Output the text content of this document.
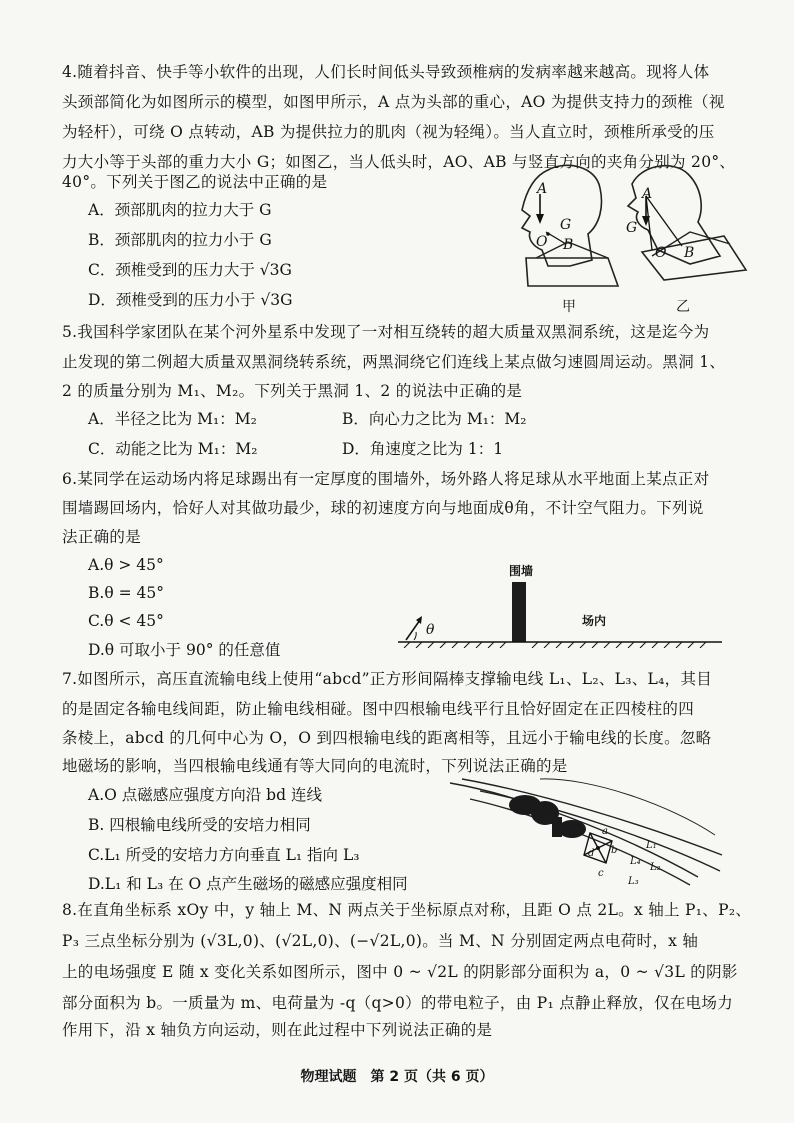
4.随着抖音、快手等小软件的出现，人们长时间低头导致颈椎病的发病率越来越高。现将人体
头颈部简化为如图所示的模型，如图甲所示，A 点为头部的重心，AO 为提供支持力的颈椎（视
为轻杆），可绕 O 点转动，AB 为提供拉力的肌肉（视为轻绳）。当人直立时，颈椎所承受的压
力大小等于头部的重力大小 G；如图乙，当人低头时，AO、AB 与竖直方向的夹角分别为 20°、
40°。下列关于图乙的说法中正确的是
A．颈部肌肉的拉力大于 G
B．颈部肌肉的拉力小于 G
C．颈椎受到的压力大于 √3G
D．颈椎受到的压力小于 √3G
A
G
O B
甲
A
G
O B
乙
5.我国科学家团队在某个河外星系中发现了一对相互绕转的超大质量双黑洞系统，这是迄今为
止发现的第二例超大质量双黑洞绕转系统，两黑洞绕它们连线上某点做匀速圆周运动。黑洞 1、
2 的质量分别为 M₁、M₂。下列关于黑洞 1、2 的说法中正确的是
A．半径之比为 M₁：M₂	B．向心力之比为 M₁：M₂
C．动能之比为 M₁：M₂	D．角速度之比为 1：1
6.某同学在运动场内将足球踢出有一定厚度的围墙外，场外路人将足球从水平地面上某点正对
围墙踢回场内，恰好人对其做功最少，球的初速度方向与地面成θ角，不计空气阻力。下列说
法正确的是
A.θ > 45°
B.θ = 45°
C.θ < 45°
D.θ 可取小于 90° 的任意值
围墙
场内
θ
7.如图所示，高压直流输电线上使用“abcd”正方形间隔棒支撑输电线 L₁、L₂、L₃、L₄，其目
的是固定各输电线间距，防止输电线相碰。图中四根输电线平行且恰好固定在正四棱柱的四
条棱上，abcd 的几何中心为 O，O 到四根输电线的距离相等，且远小于输电线的长度。忽略
地磁场的影响，当四根输电线通有等大同向的电流时，下列说法正确的是
A.O 点磁感应强度方向沿 bd 连线
B. 四根输电线所受的安培力相同
C.L₁ 所受的安培力方向垂直 L₁ 指向 L₃
D.L₁ 和 L₃ 在 O 点产生磁场的磁感应强度相同
a
b
c
d
L₁
L₂
L₃
L₄
8.在直角坐标系 xOy 中，y 轴上 M、N 两点关于坐标原点对称，且距 O 点 2L。x 轴上 P₁、P₂、
P₃ 三点坐标分别为 (√3L,0)、(√2L,0)、(−√2L,0)。当 M、N 分别固定两点电荷时，x 轴
上的电场强度 E 随 x 变化关系如图所示，图中 0 ~ √2L 的阴影部分面积为 a，0 ~ √3L 的阴影
部分面积为 b。一质量为 m、电荷量为 -q（q>0）的带电粒子，由 P₁ 点静止释放，仅在电场力
作用下，沿 x 轴负方向运动，则在此过程中下列说法正确的是
物理试题　第 2 页（共 6 页）
